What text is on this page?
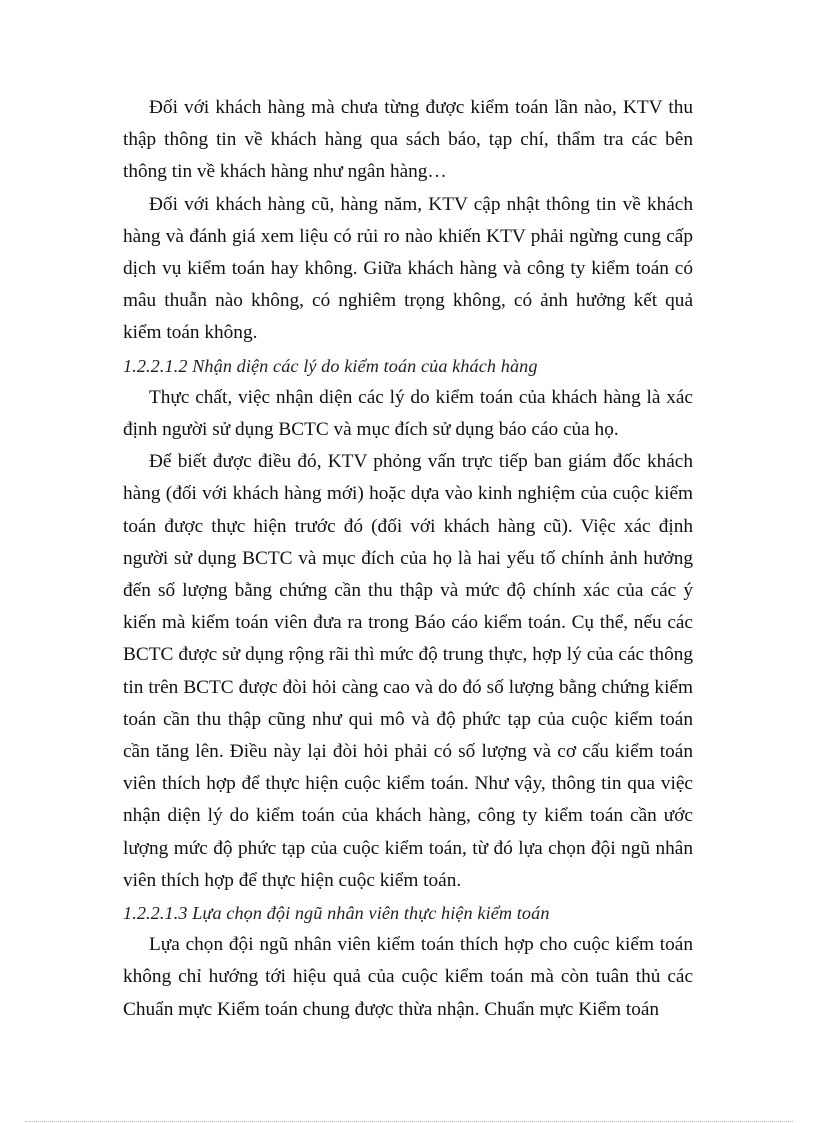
Đối với khách hàng mà chưa từng được kiểm toán lần nào, KTV thu thập thông tin về khách hàng qua sách báo, tạp chí, thẩm tra các bên thông tin về khách hàng như ngân hàng…

Đối với khách hàng cũ, hàng năm, KTV cập nhật thông tin về khách hàng và đánh giá xem liệu có rủi ro nào khiến KTV phải ngừng cung cấp dịch vụ kiểm toán hay không. Giữa khách hàng và công ty kiểm toán có mâu thuẫn nào không, có nghiêm trọng không, có ảnh hưởng kết quả kiểm toán không.

1.2.2.1.2 Nhận diện các lý do kiểm toán của khách hàng

Thực chất, việc nhận diện các lý do kiểm toán của khách hàng là xác định người sử dụng BCTC và mục đích sử dụng báo cáo của họ.

Để biết được điều đó, KTV phỏng vấn trực tiếp ban giám đốc khách hàng (đối với khách hàng mới) hoặc dựa vào kinh nghiệm của cuộc kiểm toán được thực hiện trước đó (đối với khách hàng cũ). Việc xác định người sử dụng BCTC và mục đích của họ là hai yếu tố chính ảnh hưởng đến số lượng bằng chứng cần thu thập và mức độ chính xác của các ý kiến mà kiểm toán viên đưa ra trong Báo cáo kiểm toán. Cụ thể, nếu các BCTC được sử dụng rộng rãi thì mức độ trung thực, hợp lý của các thông tin trên BCTC được đòi hỏi càng cao và do đó số lượng bằng chứng kiểm toán cần thu thập cũng như qui mô và độ phức tạp của cuộc kiểm toán cần tăng lên. Điều này lại đòi hỏi phải có số lượng và cơ cấu kiểm toán viên thích hợp để thực hiện cuộc kiểm toán. Như vậy, thông tin qua việc nhận diện lý do kiểm toán của khách hàng, công ty kiểm toán cần ước lượng mức độ phức tạp của cuộc kiểm toán, từ đó lựa chọn đội ngũ nhân viên thích hợp để thực hiện cuộc kiểm toán.

1.2.2.1.3 Lựa chọn đội ngũ nhân viên thực hiện kiểm toán

Lựa chọn đội ngũ nhân viên kiểm toán thích hợp cho cuộc kiểm toán không chỉ hướng tới hiệu quả của cuộc kiểm toán mà còn tuân thủ các Chuẩn mực Kiểm toán chung được thừa nhận. Chuẩn mực Kiểm toán
